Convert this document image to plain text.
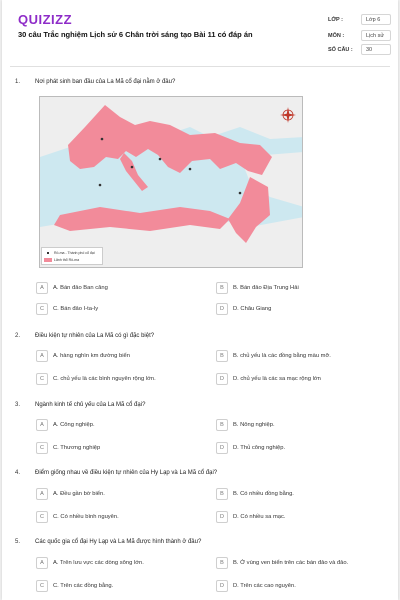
QUIZIZZ
30 câu Trắc nghiệm Lịch sử 6 Chân trời sáng tạo Bài 11 có đáp án
LỚP :	Lớp 6
MÔN :	Lịch sử
SỐ CÂU :	30
1. Nơi phát sinh ban đầu của La Mã cổ đại nằm ở đâu?
Rô-ma - Thành phố cổ đại
Lãnh thổ Rô-ma
A	A. Bán đảo Ban căng	B	B. Bán đảo Địa Trung Hải
C	C. Bán đảo I-ta-ly	D	D. Châu Giang
2. Điều kiện tự nhiên của La Mã có gì đặc biệt?
A	A. hàng nghìn km đường biển	B	B. chủ yếu là các đồng bằng màu mỡ.
C	C. chủ yếu là các bình nguyên rộng lớn.	D	D. chủ yếu là các sa mạc rộng lớn
3. Ngành kinh tế chủ yếu của La Mã cổ đại?
A	A. Công nghiệp.	B	B. Nông nghiệp.
C	C. Thương nghiệp	D	D. Thủ công nghiệp.
4. Điểm giống nhau về điều kiện tự nhiên của Hy Lạp và La Mã cổ đại?
A	A. Đều gần bờ biển.	B	B. Có nhiều đồng bằng.
C	C. Có nhiều bình nguyên.	D	D. Có nhiều sa mạc.
5. Các quốc gia cổ đại Hy Lạp và La Mã được hình thành ở đâu?
A	A. Trên lưu vực các dòng sông lớn.	B	B. Ở vùng ven biển trên các bán đảo và đảo.
C	C. Trên các đồng bằng.	D	D. Trên các cao nguyên.
